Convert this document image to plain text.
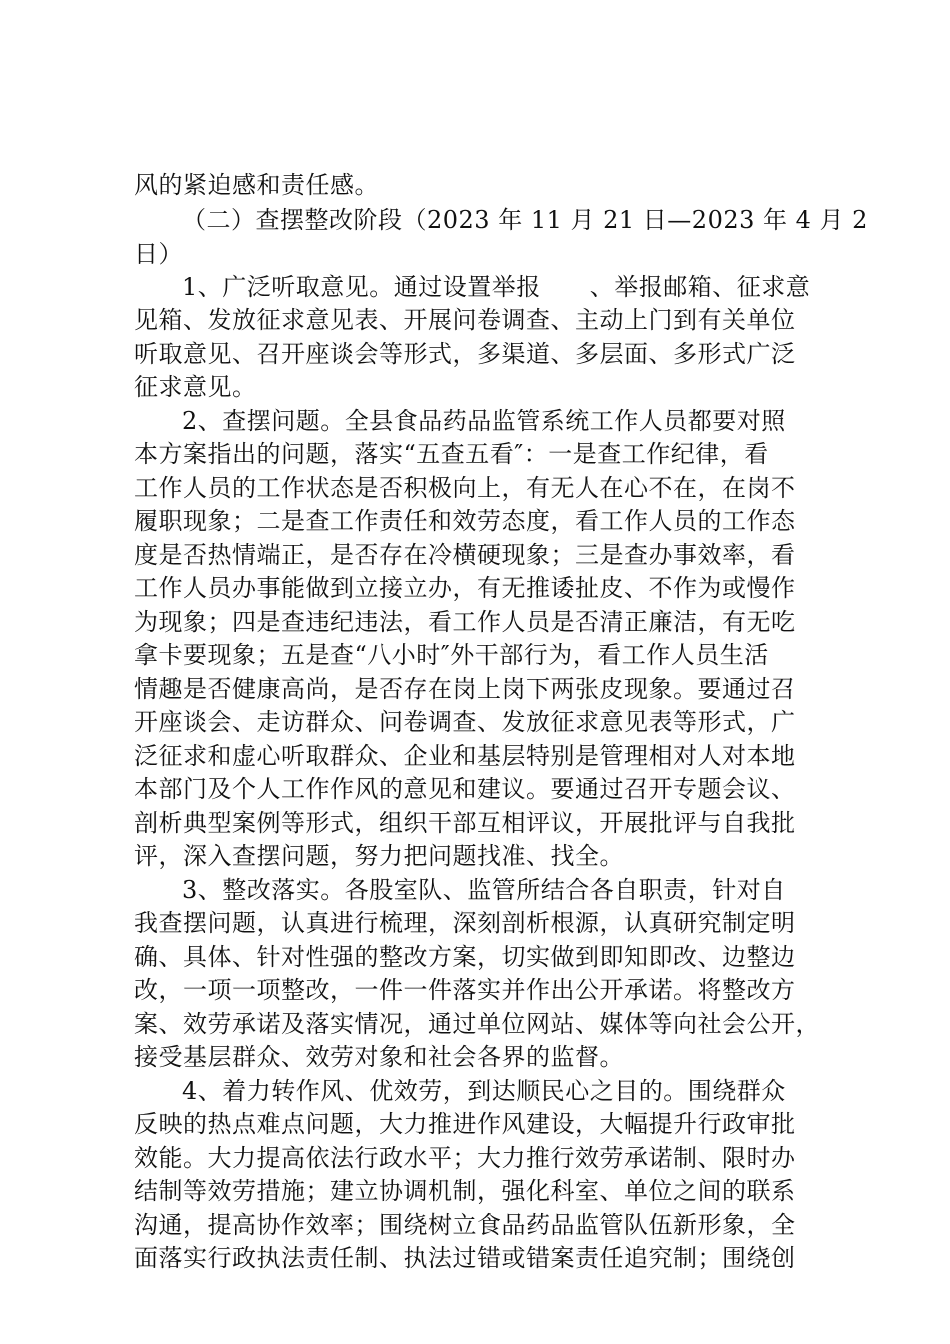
风的紧迫感和责任感。
（二）查摆整改阶段（2023 年 11 月 21 日—2023 年 4 月 2
日）
1、广泛听取意见。通过设置举报　　、举报邮箱、征求意
见箱、发放征求意见表、开展问卷调查、主动上门到有关单位
听取意见、召开座谈会等形式，多渠道、多层面、多形式广泛
征求意见。
2、查摆问题。全县食品药品监管系统工作人员都要对照
本方案指出的问题，落实“五查五看″：一是查工作纪律，看
工作人员的工作状态是否积极向上，有无人在心不在，在岗不
履职现象；二是查工作责任和效劳态度，看工作人员的工作态
度是否热情端正，是否存在冷横硬现象；三是查办事效率，看
工作人员办事能做到立接立办，有无推诿扯皮、不作为或慢作
为现象；四是查违纪违法，看工作人员是否清正廉洁，有无吃
拿卡要现象；五是查“八小时″外干部行为，看工作人员生活
情趣是否健康高尚，是否存在岗上岗下两张皮现象。要通过召
开座谈会、走访群众、问卷调查、发放征求意见表等形式，广
泛征求和虚心听取群众、企业和基层特别是管理相对人对本地
本部门及个人工作作风的意见和建议。要通过召开专题会议、
剖析典型案例等形式，组织干部互相评议，开展批评与自我批
评，深入查摆问题，努力把问题找准、找全。
3、整改落实。各股室队、监管所结合各自职责，针对自
我查摆问题，认真进行梳理，深刻剖析根源，认真研究制定明
确、具体、针对性强的整改方案，切实做到即知即改、边整边
改，一项一项整改，一件一件落实并作出公开承诺。将整改方
案、效劳承诺及落实情况，通过单位网站、媒体等向社会公开，
接受基层群众、效劳对象和社会各界的监督。
4、着力转作风、优效劳，到达顺民心之目的。围绕群众
反映的热点难点问题，大力推进作风建设，大幅提升行政审批
效能。大力提高依法行政水平；大力推行效劳承诺制、限时办
结制等效劳措施；建立协调机制，强化科室、单位之间的联系
沟通，提高协作效率；围绕树立食品药品监管队伍新形象，全
面落实行政执法责任制、执法过错或错案责任追究制；围绕创
